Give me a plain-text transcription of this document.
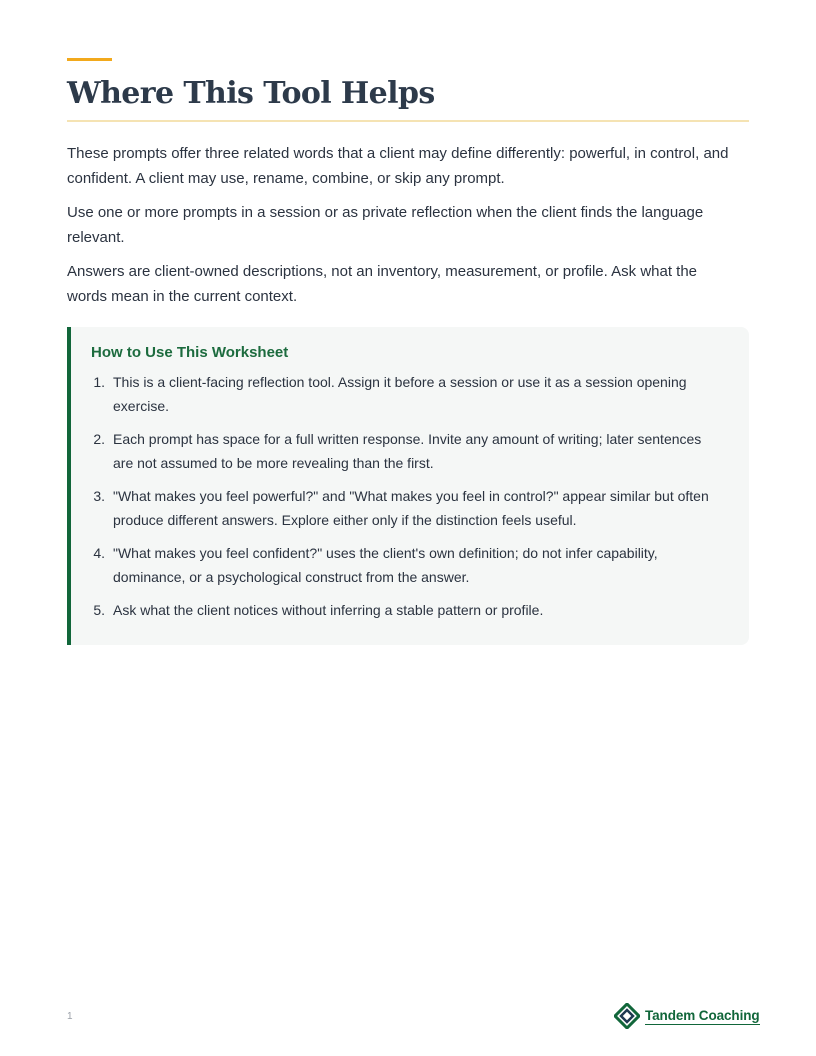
Where This Tool Helps

These prompts offer three related words that a client may define differently: powerful, in control, and confident. A client may use, rename, combine, or skip any prompt.

Use one or more prompts in a session or as private reflection when the client finds the language relevant.

Answers are client-owned descriptions, not an inventory, measurement, or profile. Ask what the words mean in the current context.

How to Use This Worksheet
1. This is a client-facing reflection tool. Assign it before a session or use it as a session opening exercise.
2. Each prompt has space for a full written response. Invite any amount of writing; later sentences are not assumed to be more revealing than the first.
3. "What makes you feel powerful?" and "What makes you feel in control?" appear similar but often produce different answers. Explore either only if the distinction feels useful.
4. "What makes you feel confident?" uses the client's own definition; do not infer capability, dominance, or a psychological construct from the answer.
5. Ask what the client notices without inferring a stable pattern or profile.
1	Tandem Coaching
